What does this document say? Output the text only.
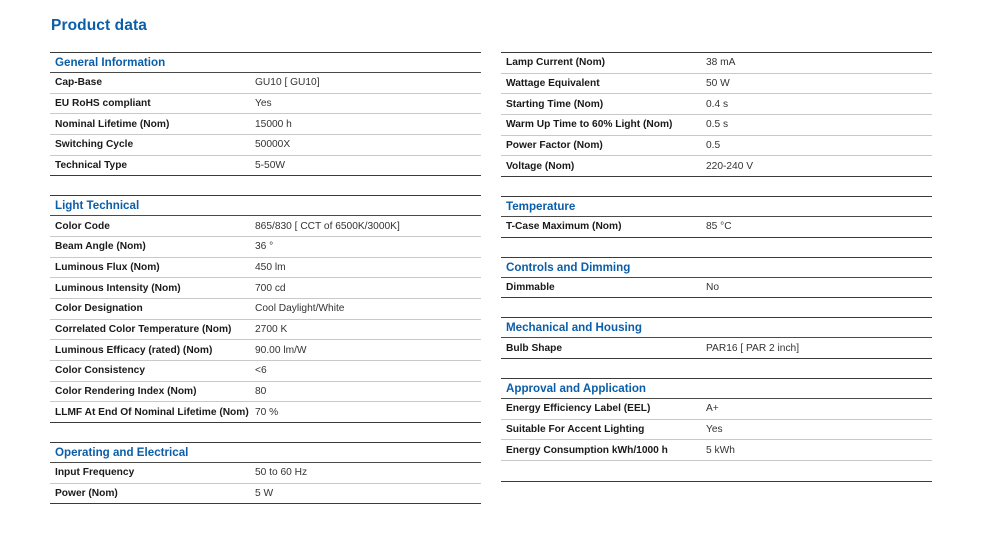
Product data
General Information
Cap-Base	GU10 [ GU10]
EU RoHS compliant	Yes
Nominal Lifetime (Nom)	15000 h
Switching Cycle	50000X
Technical Type	5-50W
Light Technical
Color Code	865/830 [ CCT of 6500K/3000K]
Beam Angle (Nom)	36 °
Luminous Flux (Nom)	450 lm
Luminous Intensity (Nom)	700 cd
Color Designation	Cool Daylight/White
Correlated Color Temperature (Nom)	2700 K
Luminous Efficacy (rated) (Nom)	90.00 lm/W
Color Consistency	<6
Color Rendering Index (Nom)	80
LLMF At End Of Nominal Lifetime (Nom) 70 %
Operating and Electrical
Input Frequency	50 to 60 Hz
Power (Nom)	5 W
Lamp Current (Nom)	38 mA
Wattage Equivalent	50 W
Starting Time (Nom)	0.4 s
Warm Up Time to 60% Light (Nom)	0.5 s
Power Factor (Nom)	0.5
Voltage (Nom)	220-240 V
Temperature
T-Case Maximum (Nom)	85 °C
Controls and Dimming
Dimmable	No
Mechanical and Housing
Bulb Shape	PAR16 [ PAR 2 inch]
Approval and Application
Energy Efficiency Label (EEL)	A+
Suitable For Accent Lighting	Yes
Energy Consumption kWh/1000 h	5 kWh
